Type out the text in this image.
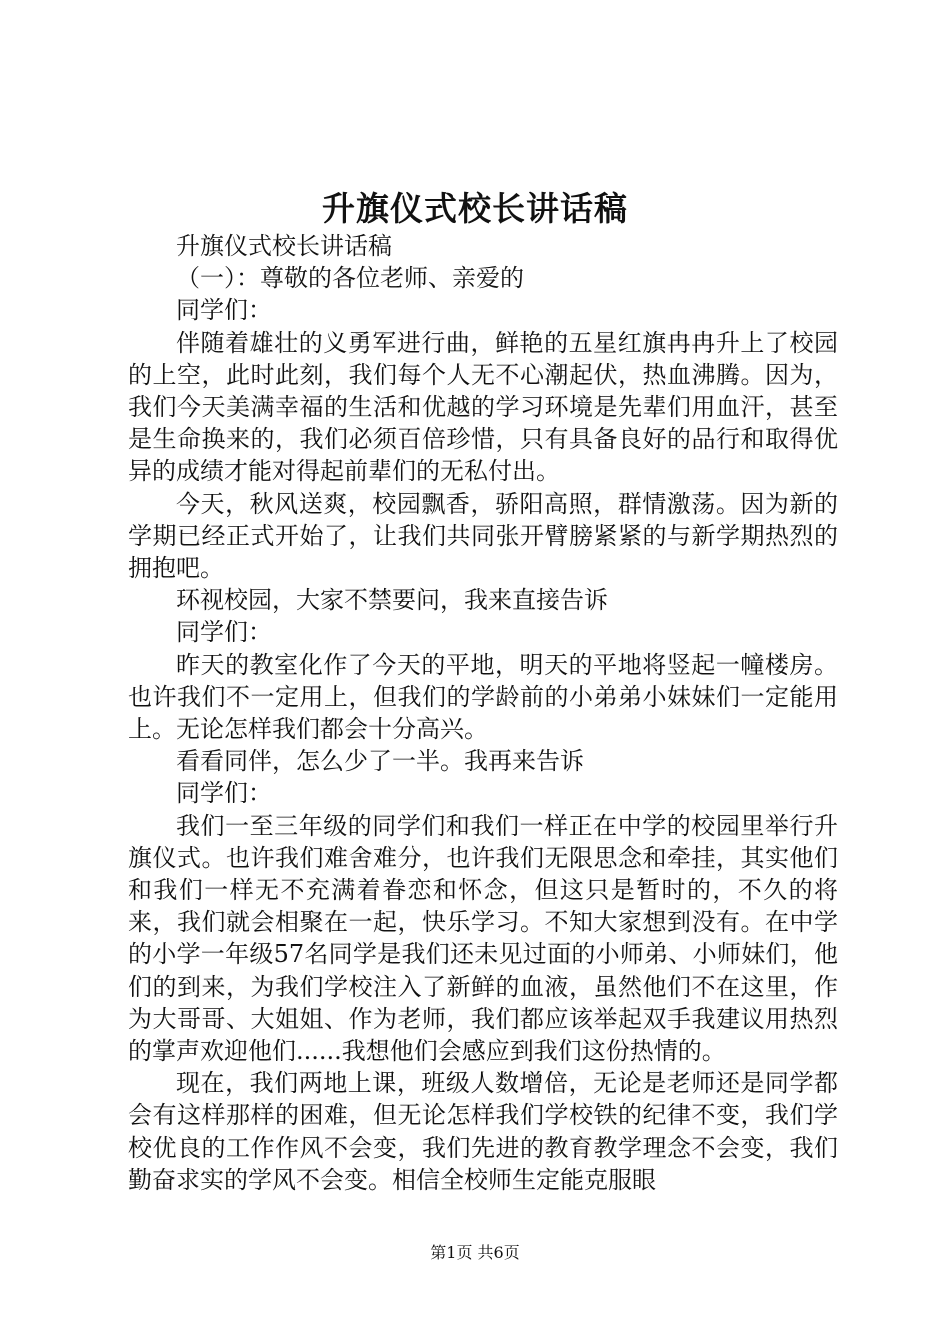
升旗仪式校长讲话稿

升旗仪式校长讲话稿

（一）：尊敬的各位老师、亲爱的

同学们：

伴随着雄壮的义勇军进行曲，鲜艳的五星红旗冉冉升上了校园的上空，此时此刻，我们每个人无不心潮起伏，热血沸腾。因为，我们今天美满幸福的生活和优越的学习环境是先辈们用血汗，甚至是生命换来的，我们必须百倍珍惜，只有具备良好的品行和取得优异的成绩才能对得起前辈们的无私付出。

今天，秋风送爽，校园飘香，骄阳高照，群情激荡。因为新的学期已经正式开始了，让我们共同张开臂膀紧紧的与新学期热烈的拥抱吧。

环视校园，大家不禁要问，我来直接告诉

同学们：

昨天的教室化作了今天的平地，明天的平地将竖起一幢楼房。也许我们不一定用上，但我们的学龄前的小弟弟小妹妹们一定能用上。无论怎样我们都会十分高兴。

看看同伴，怎么少了一半。我再来告诉

同学们：

我们一至三年级的同学们和我们一样正在中学的校园里举行升旗仪式。也许我们难舍难分，也许我们无限思念和牵挂，其实他们和我们一样无不充满着眷恋和怀念，但这只是暂时的，不久的将来，我们就会相聚在一起，快乐学习。不知大家想到没有。在中学的小学一年级57名同学是我们还未见过面的小师弟、小师妹们，他们的到来，为我们学校注入了新鲜的血液，虽然他们不在这里，作为大哥哥、大姐姐、作为老师，我们都应该举起双手我建议用热烈的掌声欢迎他们......我想他们会感应到我们这份热情的。

现在，我们两地上课，班级人数增倍，无论是老师还是同学都会有这样那样的困难，但无论怎样我们学校铁的纪律不变，我们学校优良的工作作风不会变，我们先进的教育教学理念不会变，我们勤奋求实的学风不会变。相信全校师生定能克服眼

第1页 共6页
